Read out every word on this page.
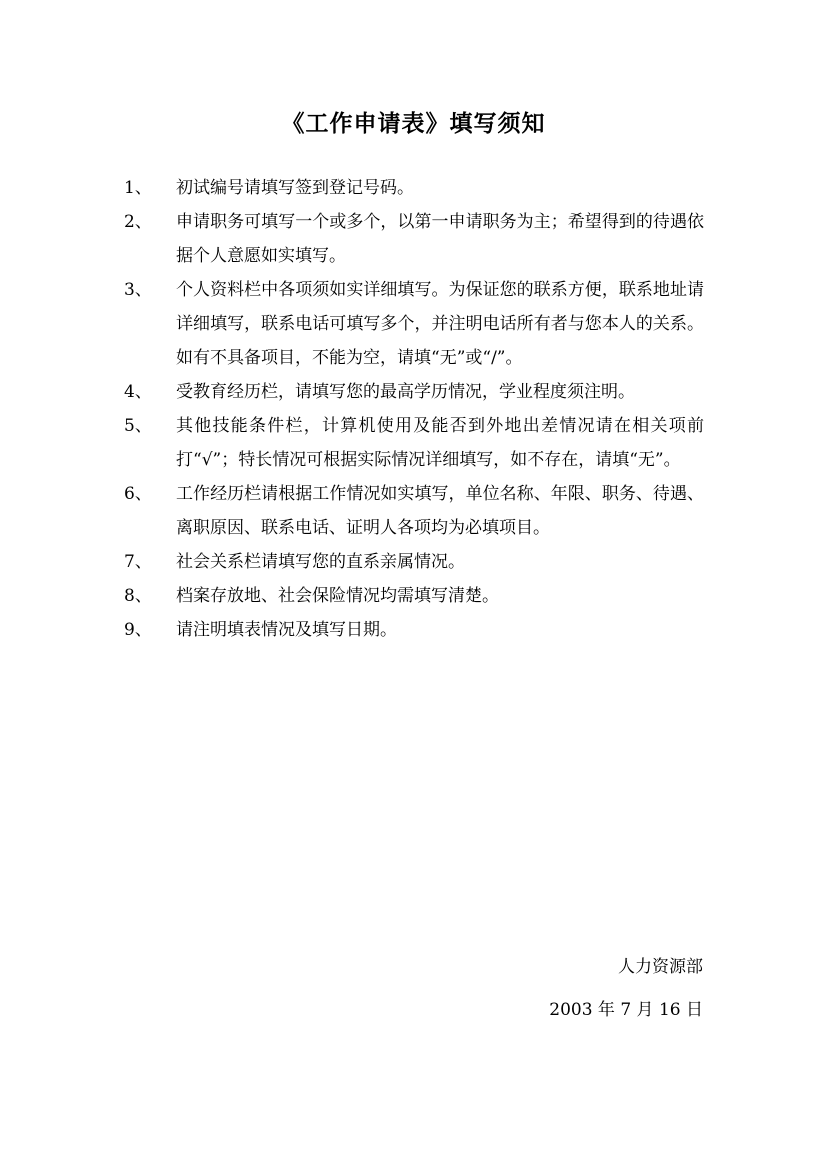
《工作申请表》填写须知
1、	初试编号请填写签到登记号码。
2、	申请职务可填写一个或多个，以第一申请职务为主；希望得到的待遇依据个人意愿如实填写。
3、	个人资料栏中各项须如实详细填写。为保证您的联系方便，联系地址请详细填写，联系电话可填写多个，并注明电话所有者与您本人的关系。如有不具备项目，不能为空，请填“无”或“/”。
4、	受教育经历栏，请填写您的最高学历情况，学业程度须注明。
5、	其他技能条件栏，计算机使用及能否到外地出差情况请在相关项前打“√”；特长情况可根据实际情况详细填写，如不存在，请填“无”。
6、	工作经历栏请根据工作情况如实填写，单位名称、年限、职务、待遇、离职原因、联系电话、证明人各项均为必填项目。
7、	社会关系栏请填写您的直系亲属情况。
8、	档案存放地、社会保险情况均需填写清楚。
9、	请注明填表情况及填写日期。
人力资源部
2003 年 7 月 16 日
